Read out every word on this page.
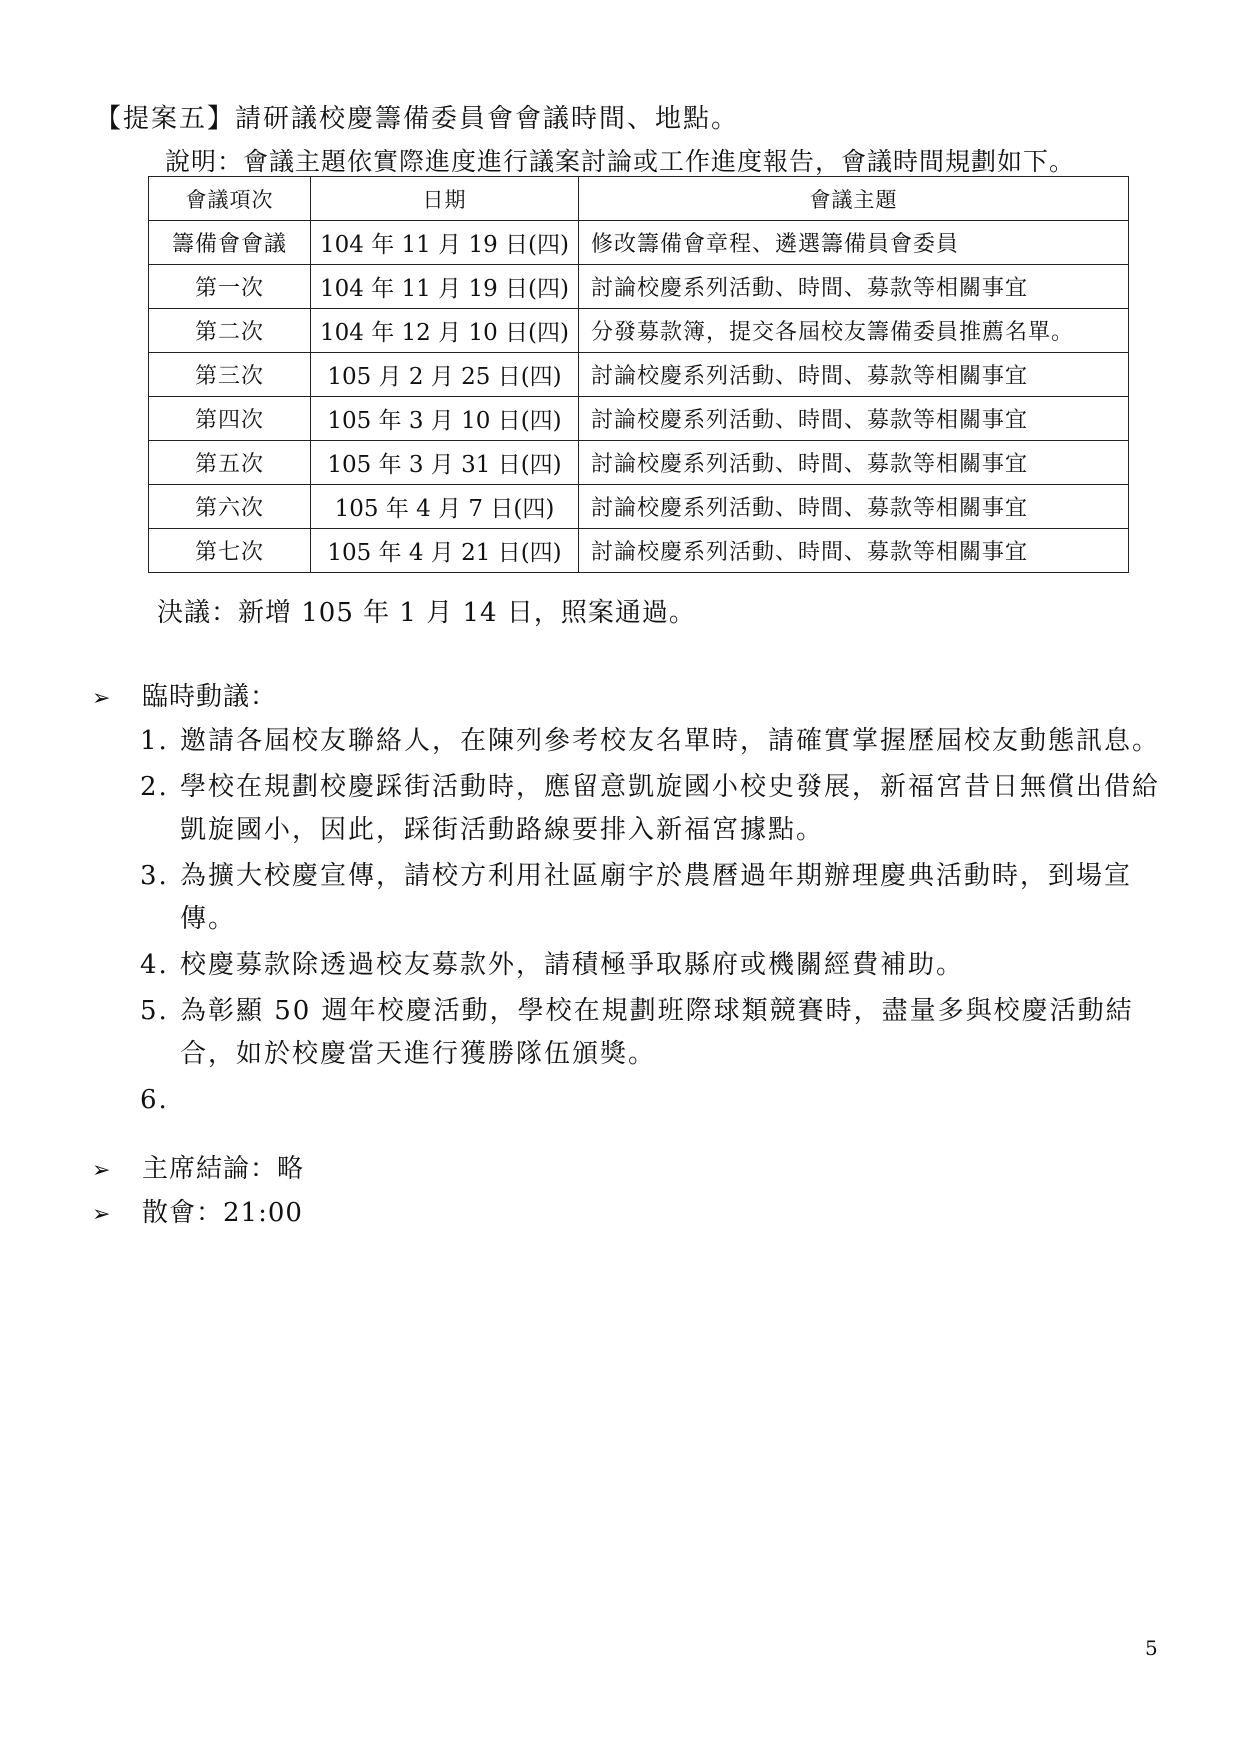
【提案五】請研議校慶籌備委員會會議時間、地點。
說明：會議主題依實際進度進行議案討論或工作進度報告，會議時間規劃如下。
會議項次	日期	會議主題
籌備會會議	104 年 11 月 19 日(四)	修改籌備會章程、遴選籌備員會委員
第一次	104 年 11 月 19 日(四)	討論校慶系列活動、時間、募款等相關事宜
第二次	104 年 12 月 10 日(四)	分發募款簿，提交各屆校友籌備委員推薦名單。
第三次	105 月 2 月 25 日(四)	討論校慶系列活動、時間、募款等相關事宜
第四次	105 年 3 月 10 日(四)	討論校慶系列活動、時間、募款等相關事宜
第五次	105 年 3 月 31 日(四)	討論校慶系列活動、時間、募款等相關事宜
第六次	105 年 4 月 7 日(四)	討論校慶系列活動、時間、募款等相關事宜
第七次	105 年 4 月 21 日(四)	討論校慶系列活動、時間、募款等相關事宜
決議：新增 105 年 1 月 14 日，照案通過。
➢ 臨時動議：
1. 邀請各屆校友聯絡人，在陳列參考校友名單時，請確實掌握歷屆校友動態訊息。
2. 學校在規劃校慶踩街活動時，應留意凱旋國小校史發展，新福宮昔日無償出借給凱旋國小，因此，踩街活動路線要排入新福宮據點。
3. 為擴大校慶宣傳，請校方利用社區廟宇於農曆過年期辦理慶典活動時，到場宣傳。
4. 校慶募款除透過校友募款外，請積極爭取縣府或機關經費補助。
5. 為彰顯 50 週年校慶活動，學校在規劃班際球類競賽時，盡量多與校慶活動結合，如於校慶當天進行獲勝隊伍頒獎。
6.
➢ 主席結論：略
➢ 散會：21:00
5
